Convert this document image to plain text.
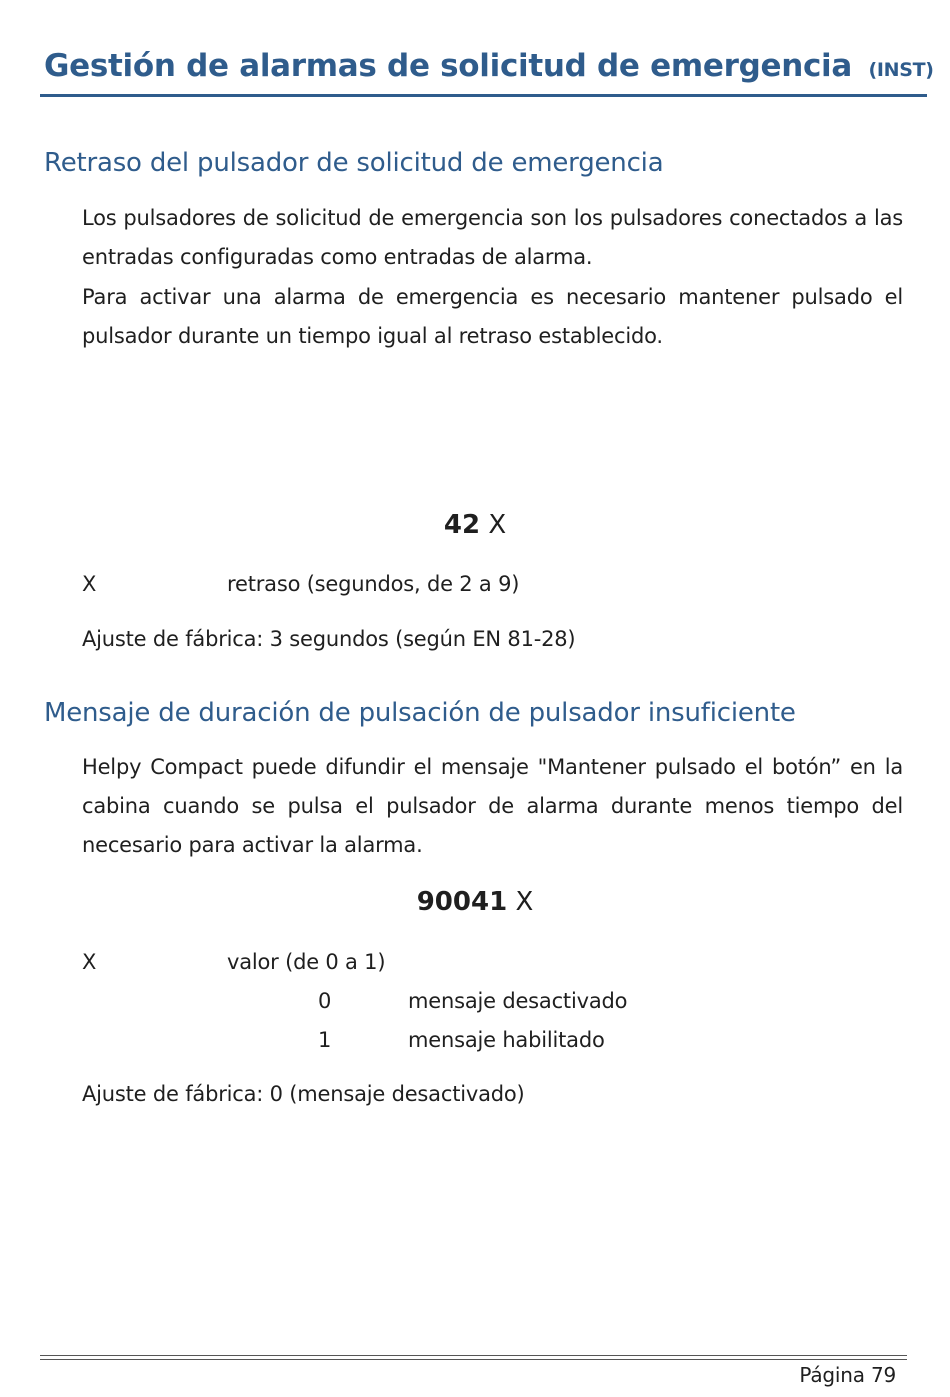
Gestión de alarmas de solicitud de emergencia (INST)
Retraso del pulsador de solicitud de emergencia

Los pulsadores de solicitud de emergencia son los pulsadores conectados a las entradas configuradas como entradas de alarma.

Para activar una alarma de emergencia es necesario mantener pulsado el pulsador durante un tiempo igual al retraso establecido.

42 X

X	retraso (segundos, de 2 a 9)
Ajuste de fábrica: 3 segundos (según EN 81-28)
Mensaje de duración de pulsación de pulsador insuficiente

Helpy Compact puede difundir el mensaje "Mantener pulsado el botón” en la cabina cuando se pulsa el pulsador de alarma durante menos tiempo del necesario para activar la alarma.

90041 X

X	valor (de 0 a 1)
0	mensaje desactivado
1	mensaje habilitado
Ajuste de fábrica: 0 (mensaje desactivado)
Página 79
